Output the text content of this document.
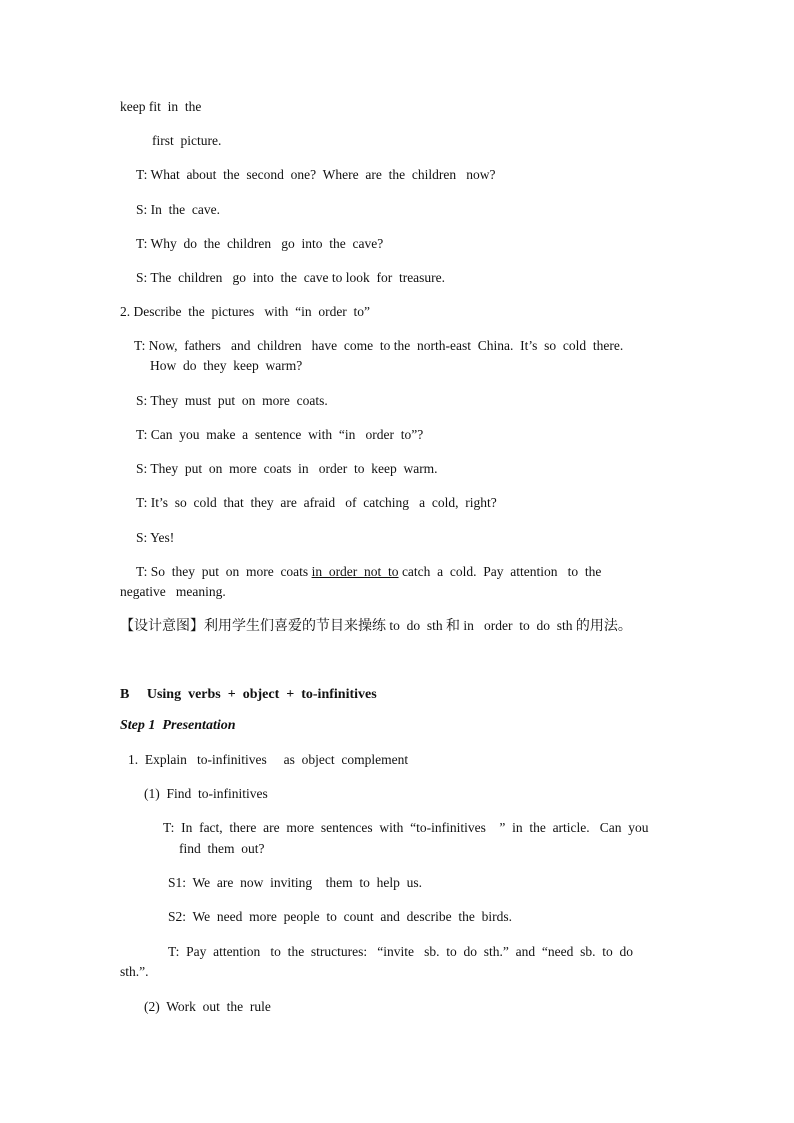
keep fit  in  the
first  picture.
T: What  about  the  second  one?  Where  are  the  children   now?
S: In  the  cave.
T: Why  do  the  children   go  into  the  cave?
S: The  children   go  into  the  cave to look  for  treasure.
2. Describe  the  pictures   with  “in  order  to”
T: Now,  fathers   and  children   have  come  to the  north-east  China.  It’s  so  cold  there.
How  do  they  keep  warm?
S: They  must  put  on  more  coats.
T: Can  you  make  a  sentence  with  “in   order  to”?
S: They  put  on  more  coats  in   order  to  keep  warm.
T: It’s  so  cold  that  they  are  afraid   of  catching   a  cold,  right?
S: Yes!
T: So  they  put  on  more  coats in  order  not  to catch  a  cold.  Pay  attention   to  the
negative   meaning.
【设计意图】利用学生们喜爱的节目来操练 to  do  sth 和 in   order  to  do  sth 的用法。
B     Using  verbs  +  object  +  to-infinitives
Step 1  Presentation
1.  Explain   to-infinitives     as  object  complement
(1)  Find  to-infinitives
T:  In  fact,  there  are  more  sentences  with  “to-infinitives    ”  in  the  article.   Can  you
find  them  out?
S1:  We  are  now  inviting    them  to  help  us.
S2:  We  need  more  people  to  count  and  describe  the  birds.
T:  Pay  attention   to  the  structures:   “invite   sb.  to  do  sth.”  and  “need  sb.  to  do
sth.”.
(2)  Work  out  the  rule
